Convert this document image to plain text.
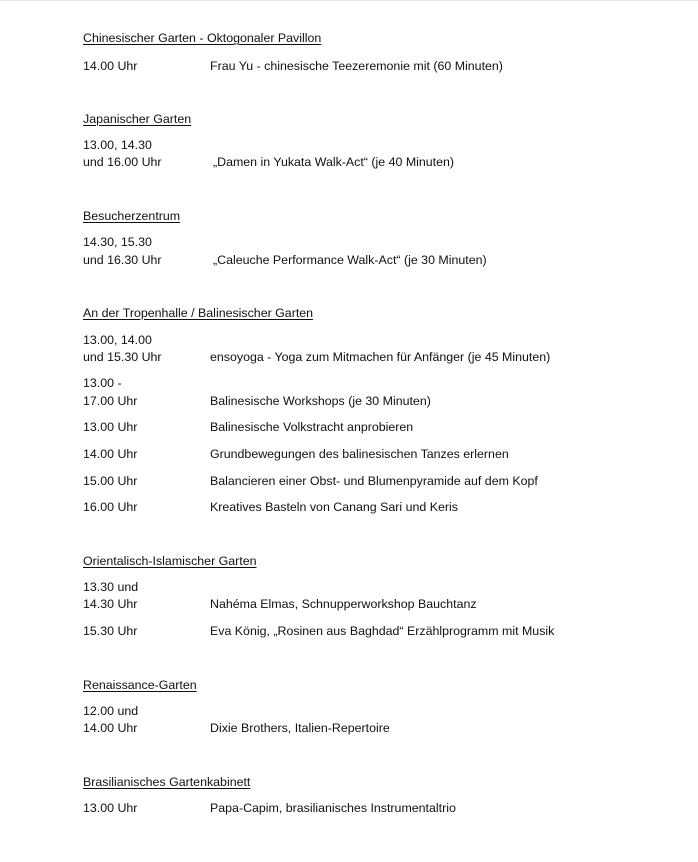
Chinesischer Garten - Oktogonaler Pavillon
14.00 Uhr	Frau Yu - chinesische Teezeremonie mit (60 Minuten)
Japanischer Garten
13.00, 14.30
und 16.00 Uhr	„Damen in Yukata Walk-Act“ (je 40 Minuten)
Besucherzentrum
14.30, 15.30
und 16.30 Uhr	„Caleuche Performance Walk-Act“ (je 30 Minuten)
An der Tropenhalle / Balinesischer Garten
13.00, 14.00
und 15.30 Uhr	ensoyoga - Yoga zum Mitmachen für Anfänger (je 45 Minuten)
13.00 -
17.00 Uhr	Balinesische Workshops (je 30 Minuten)
13.00 Uhr	Balinesische Volkstracht anprobieren
14.00 Uhr	Grundbewegungen des balinesischen Tanzes erlernen
15.00 Uhr	Balancieren einer Obst- und Blumenpyramide auf dem Kopf
16.00 Uhr	Kreatives Basteln von Canang Sari und Keris
Orientalisch-Islamischer Garten
13.30 und
14.30 Uhr	Nahéma Elmas, Schnupperworkshop Bauchtanz
15.30 Uhr	Eva König, „Rosinen aus Baghdad“ Erzählprogramm mit Musik
Renaissance-Garten
12.00 und
14.00 Uhr	Dixie Brothers, Italien-Repertoire
Brasilianisches Gartenkabinett
13.00 Uhr	Papa-Capim, brasilianisches Instrumentaltrio
